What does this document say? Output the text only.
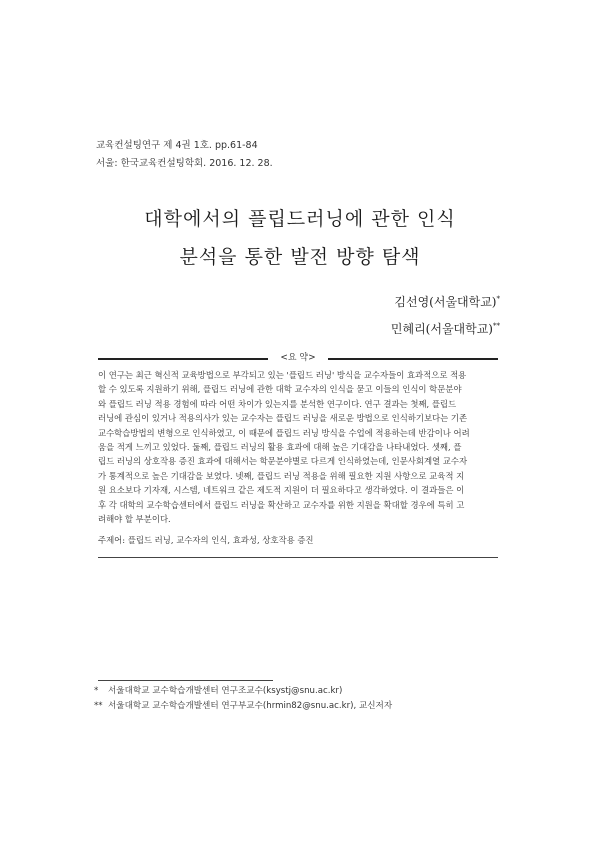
교육컨설팅연구 제 4권 1호. pp.61-84
서울: 한국교육컨설팅학회. 2016. 12. 28.
대학에서의 플립드러닝에 관한 인식
분석을 통한 발전 방향 탐색
김선영(서울대학교)*
민혜리(서울대학교)**
<요 약>
이 연구는 최근 혁신적 교육방법으로 부각되고 있는 '플립드 러닝' 방식을 교수자들이 효과적으로 적용
할 수 있도록 지원하기 위해, 플립드 러닝에 관한 대학 교수자의 인식을 묻고 이들의 인식이 학문분야
와 플립드 러닝 적용 경험에 따라 어떤 차이가 있는지를 분석한 연구이다. 연구 결과는 첫째, 플립드
러닝에 관심이 있거나 적용의사가 있는 교수자는 플립드 러닝을 새로운 방법으로 인식하기보다는 기존
교수학습방법의 변형으로 인식하였고, 이 때문에 플립드 러닝 방식을 수업에 적용하는데 반감이나 어려
움을 적게 느끼고 있었다. 둘째, 플립드 러닝의 활용 효과에 대해 높은 기대감을 나타내었다. 셋째, 플
립드 러닝의 상호작용 증진 효과에 대해서는 학문분야별로 다르게 인식하였는데, 인문사회계열 교수자
가 통계적으로 높은 기대감을 보였다. 넷째, 플립드 러닝 적용을 위해 필요한 지원 사항으로 교육적 지
원 요소보다 기자재, 시스템, 네트워크 같은 제도적 지원이 더 필요하다고 생각하였다. 이 결과들은 이
후 각 대학의 교수학습센터에서 플립드 러닝을 확산하고 교수자를 위한 지원을 확대할 경우에 특히 고
려해야 할 부분이다.
주제어: 플립드 러닝, 교수자의 인식, 효과성, 상호작용 증진
* 서울대학교 교수학습개발센터 연구조교수(ksystj@snu.ac.kr)
** 서울대학교 교수학습개발센터 연구부교수(hrmin82@snu.ac.kr), 교신저자
